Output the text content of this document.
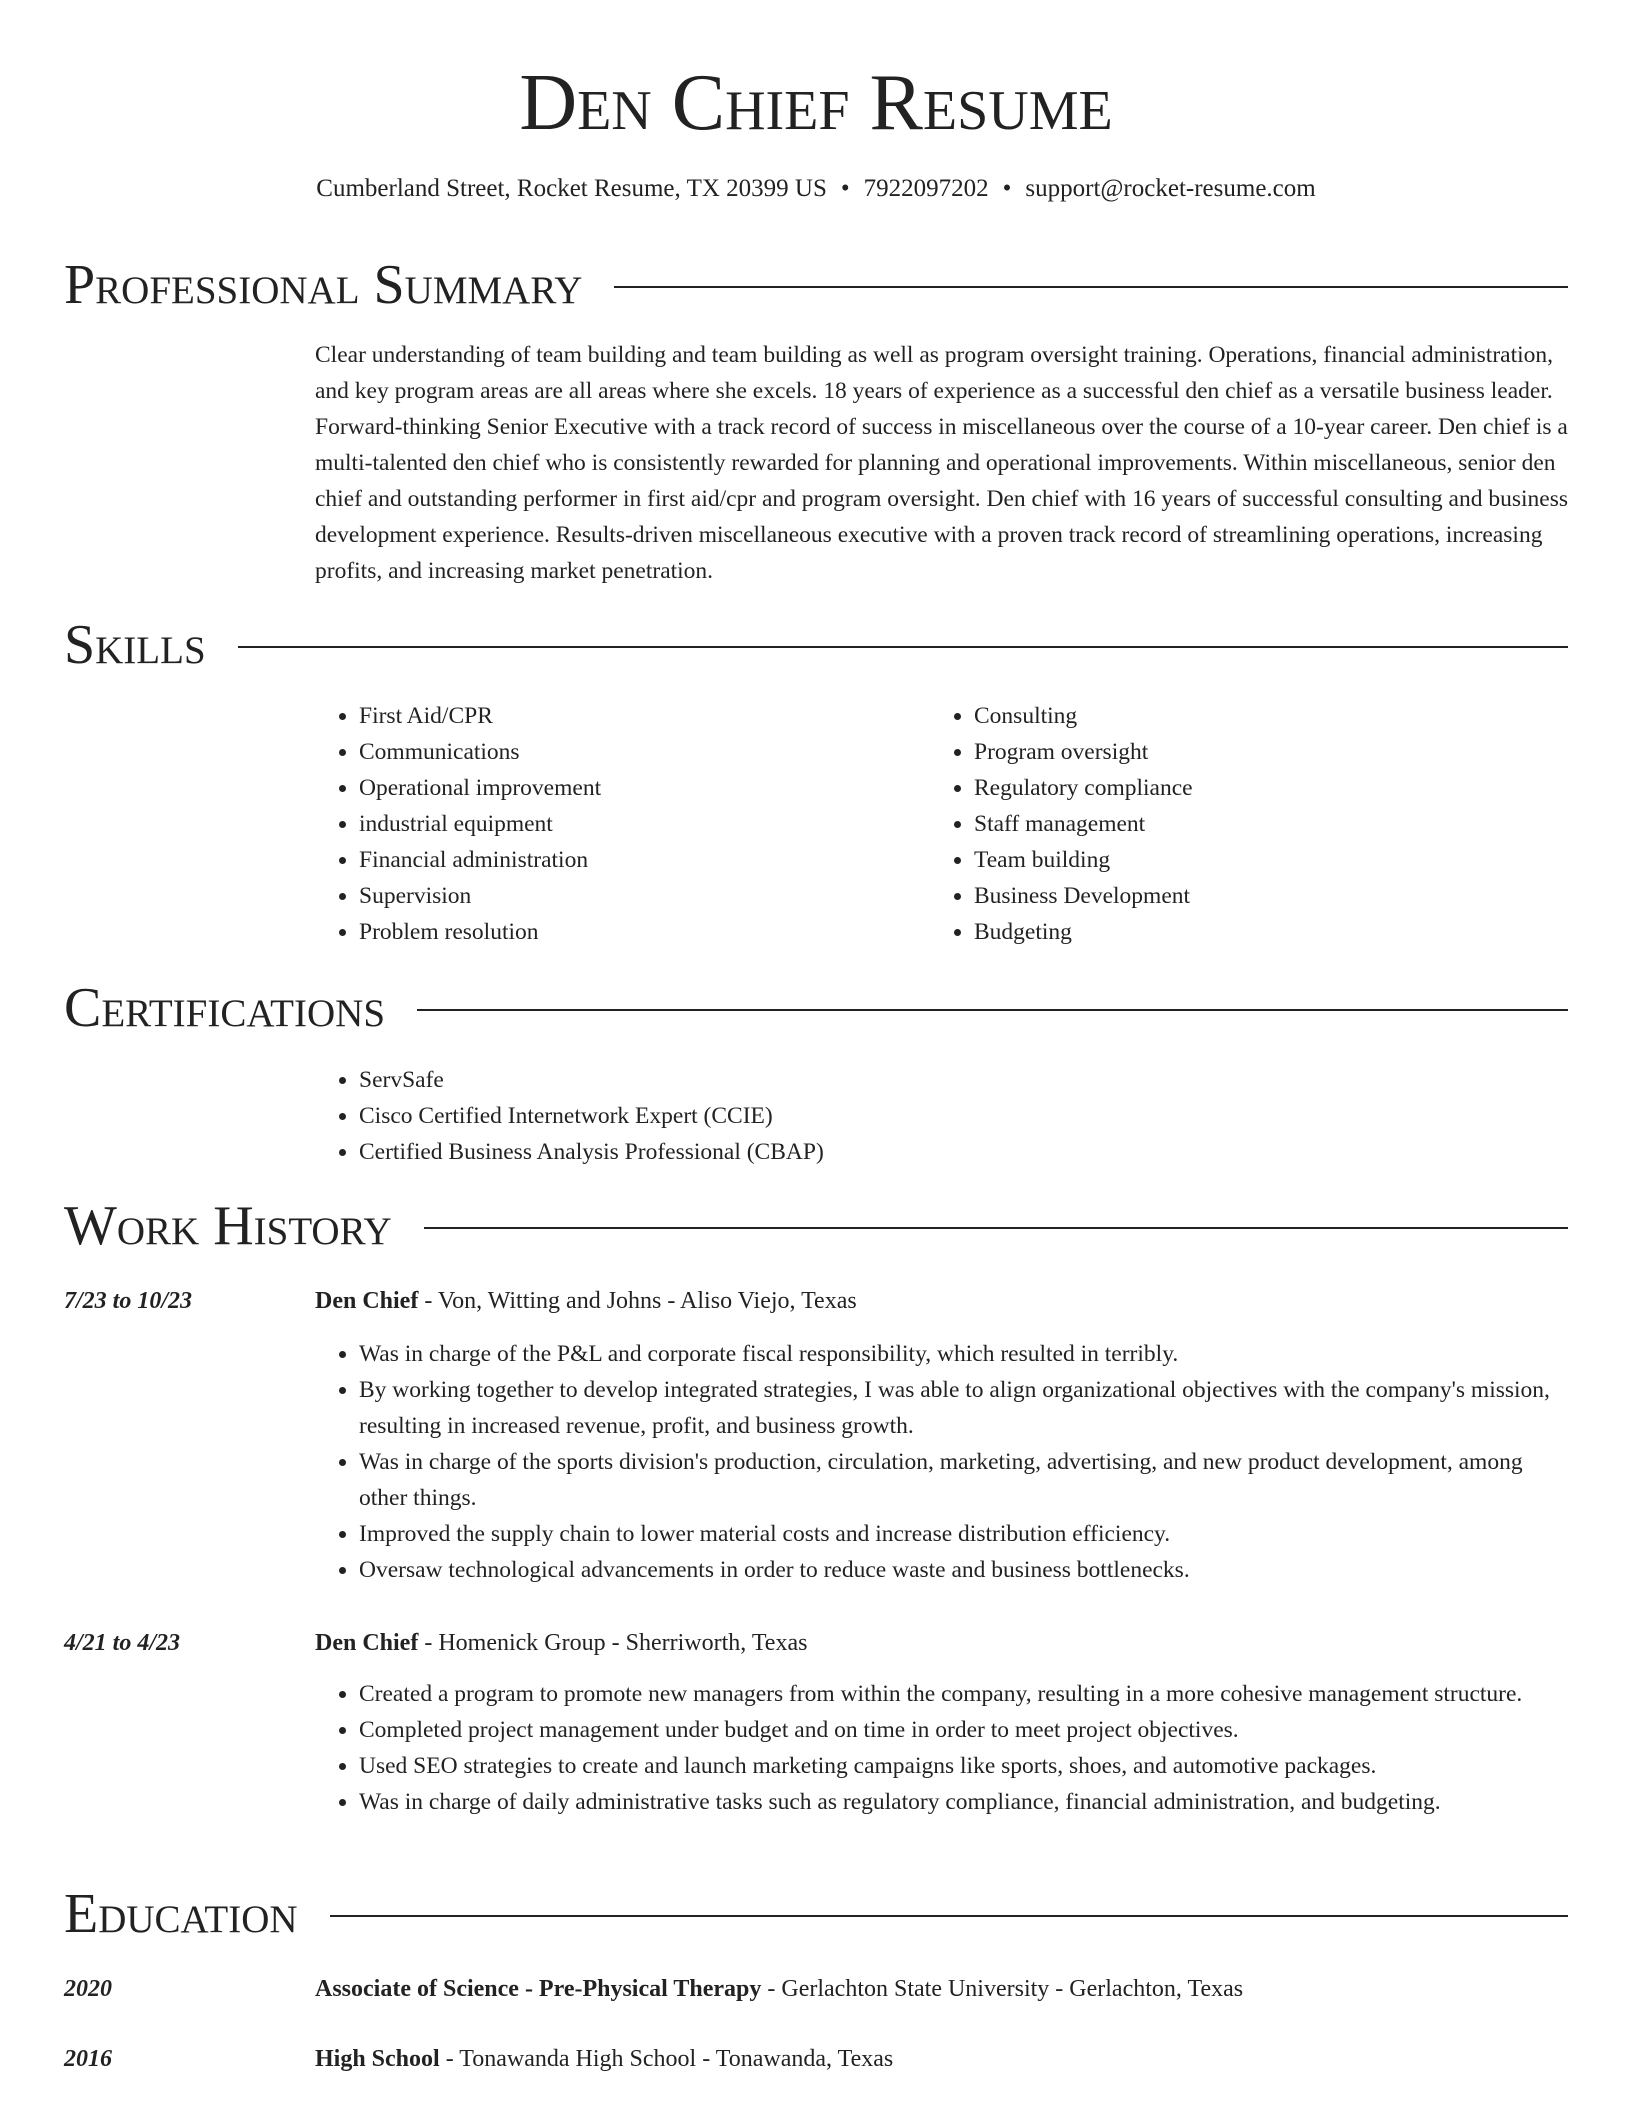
Den Chief Resume
Cumberland Street, Rocket Resume, TX 20399 US • 7922097202 • support@rocket-resume.com
Professional Summary
Clear understanding of team building and team building as well as program oversight training. Operations, financial administration, and key program areas are all areas where she excels. 18 years of experience as a successful den chief as a versatile business leader. Forward-thinking Senior Executive with a track record of success in miscellaneous over the course of a 10-year career. Den chief is a multi-talented den chief who is consistently rewarded for planning and operational improvements. Within miscellaneous, senior den chief and outstanding performer in first aid/cpr and program oversight. Den chief with 16 years of successful consulting and business development experience. Results-driven miscellaneous executive with a proven track record of streamlining operations, increasing profits, and increasing market penetration.
Skills
• First Aid/CPR
• Communications
• Operational improvement
• industrial equipment
• Financial administration
• Supervision
• Problem resolution
• Consulting
• Program oversight
• Regulatory compliance
• Staff management
• Team building
• Business Development
• Budgeting
Certifications
• ServSafe
• Cisco Certified Internetwork Expert (CCIE)
• Certified Business Analysis Professional (CBAP)
Work History
7/23 to 10/23	Den Chief - Von, Witting and Johns - Aliso Viejo, Texas
• Was in charge of the P&L and corporate fiscal responsibility, which resulted in terribly.
• By working together to develop integrated strategies, I was able to align organizational objectives with the company's mission, resulting in increased revenue, profit, and business growth.
• Was in charge of the sports division's production, circulation, marketing, advertising, and new product development, among other things.
• Improved the supply chain to lower material costs and increase distribution efficiency.
• Oversaw technological advancements in order to reduce waste and business bottlenecks.
4/21 to 4/23	Den Chief - Homenick Group - Sherriworth, Texas
• Created a program to promote new managers from within the company, resulting in a more cohesive management structure.
• Completed project management under budget and on time in order to meet project objectives.
• Used SEO strategies to create and launch marketing campaigns like sports, shoes, and automotive packages.
• Was in charge of daily administrative tasks such as regulatory compliance, financial administration, and budgeting.
Education
2020	Associate of Science - Pre-Physical Therapy - Gerlachton State University - Gerlachton, Texas
2016	High School - Tonawanda High School - Tonawanda, Texas
